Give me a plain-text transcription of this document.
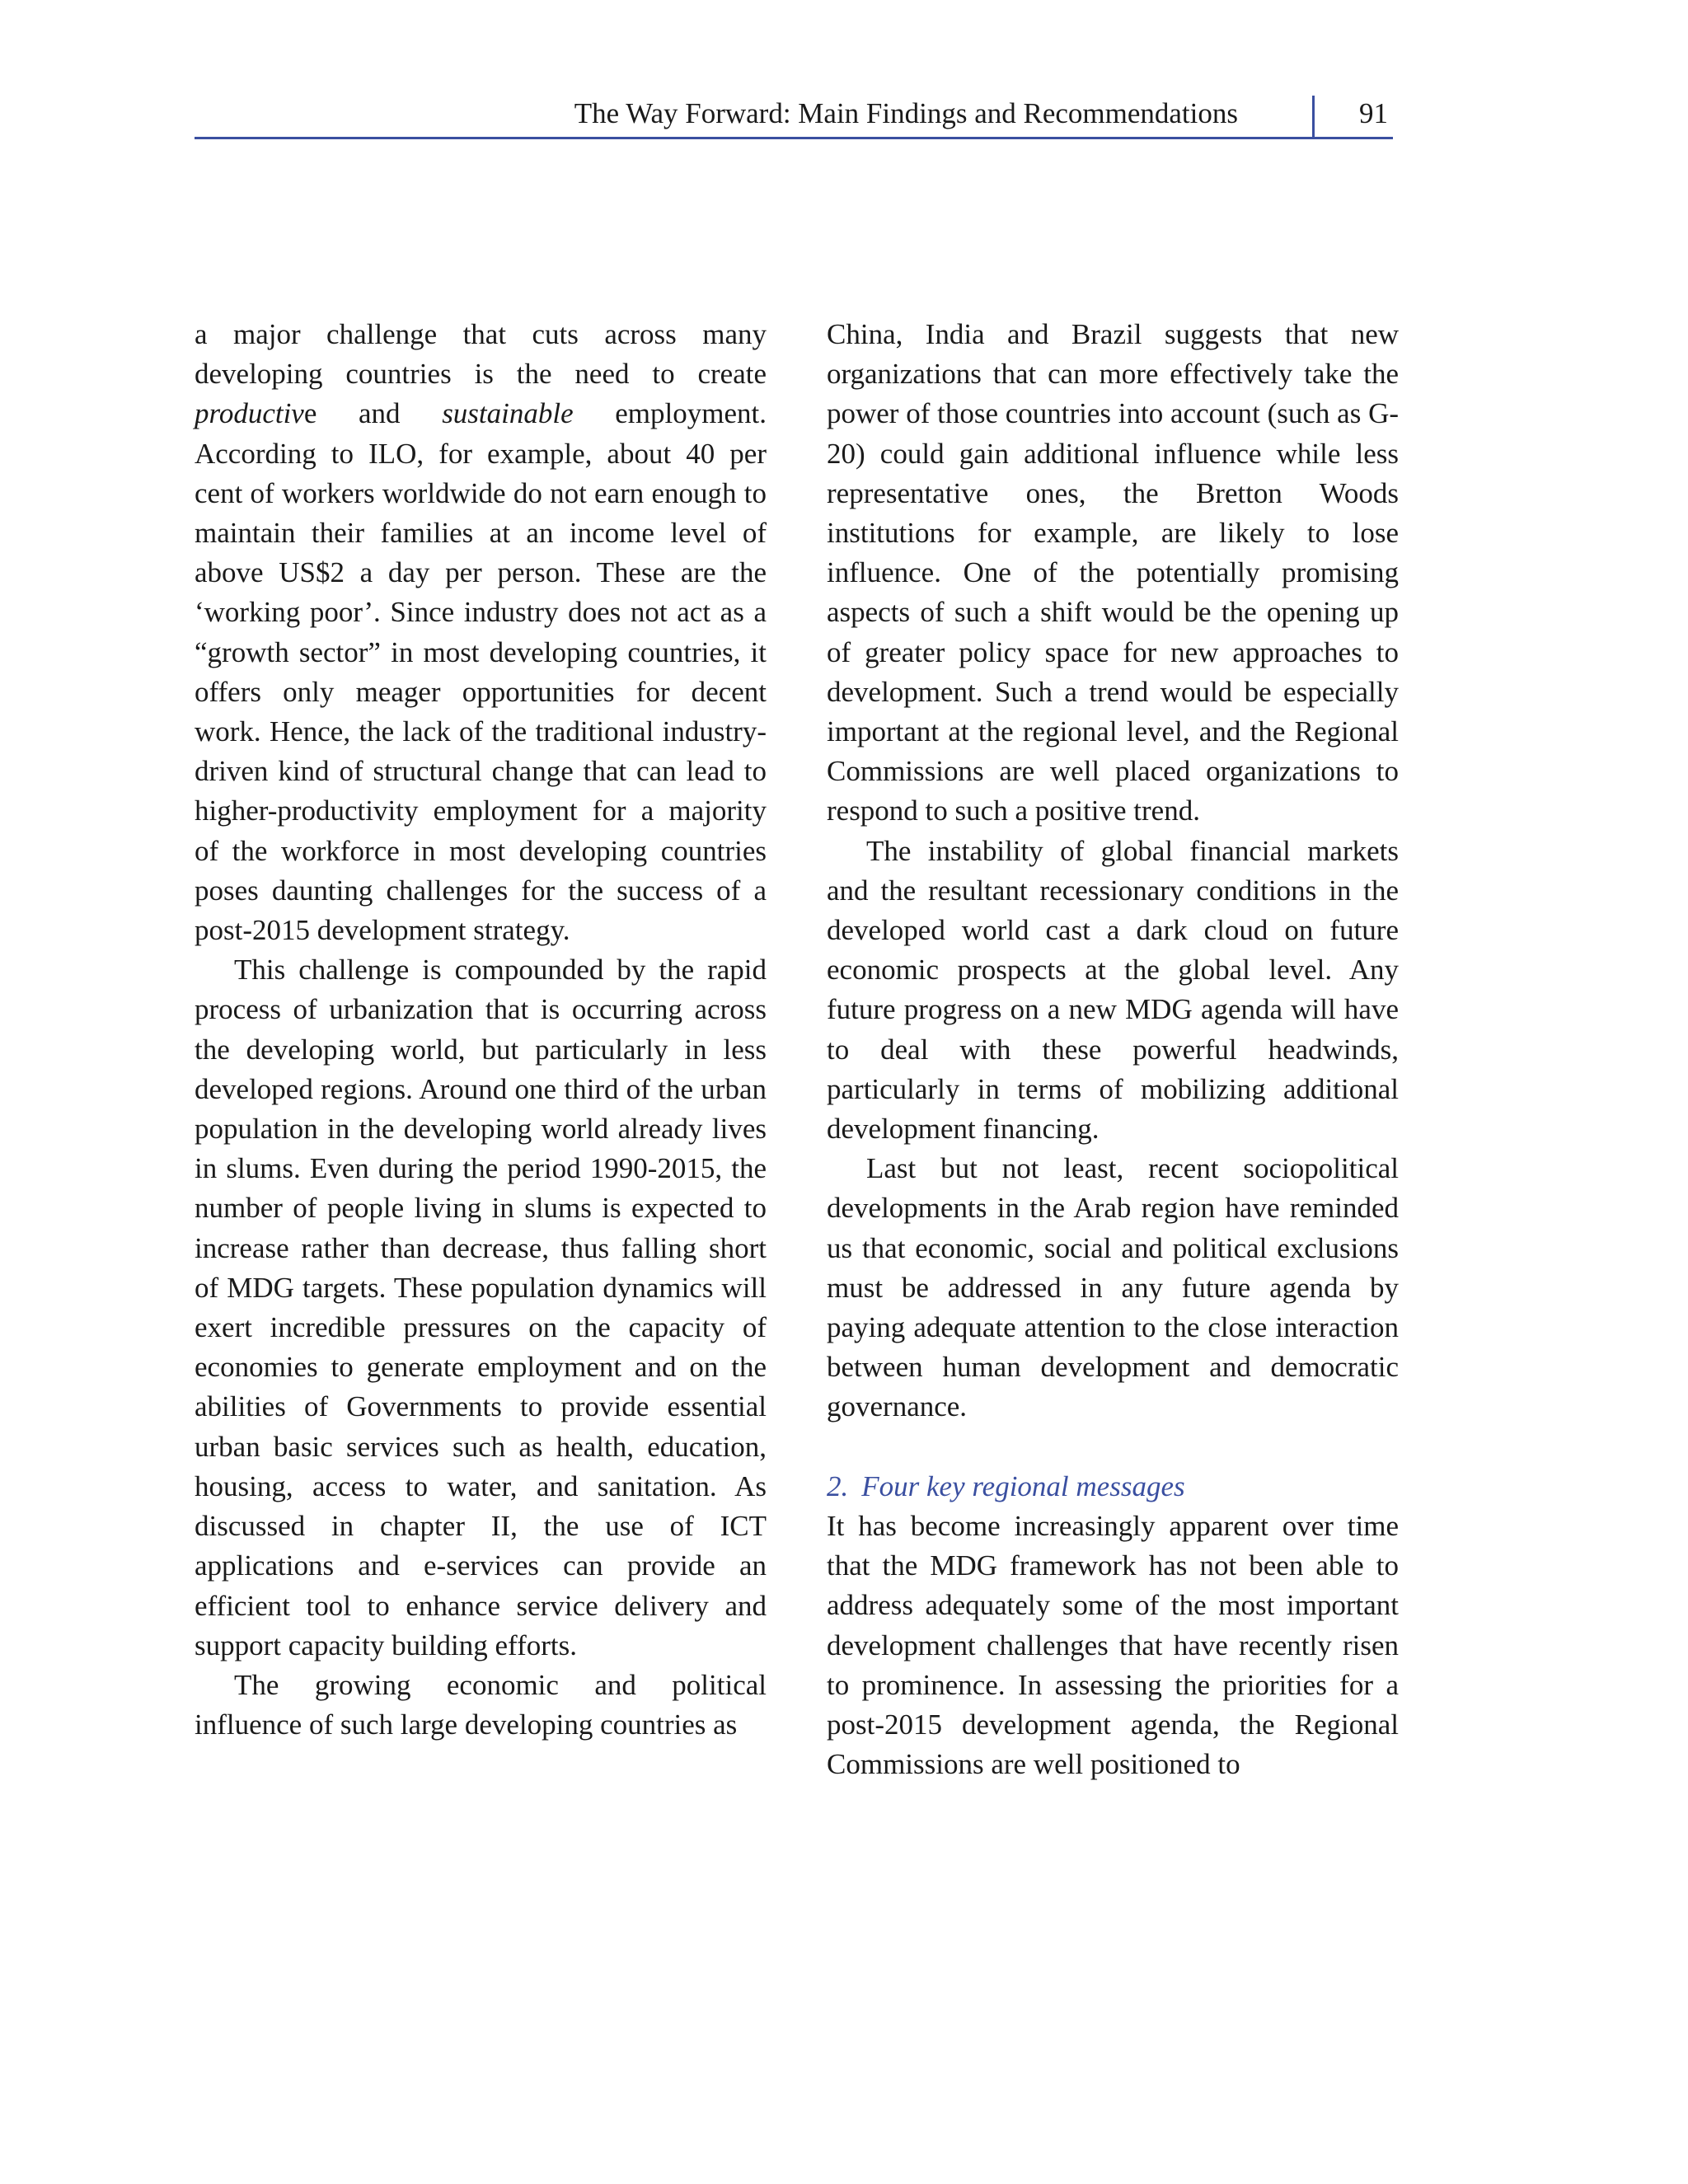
The Way Forward: Main Findings and Recommendations	91

a major challenge that cuts across many developing countries is the need to create productive and sustainable employment. According to ILO, for example, about 40 per cent of workers worldwide do not earn enough to maintain their families at an income level of above US$2 a day per person. These are the ‘working poor’. Since industry does not act as a “growth sector” in most developing countries, it offers only meager opportunities for decent work. Hence, the lack of the traditional industry-driven kind of structural change that can lead to higher-productivity employment for a majority of the workforce in most developing countries poses daunting challenges for the success of a post-2015 development strategy.

This challenge is compounded by the rapid process of urbanization that is occurring across the developing world, but particularly in less developed regions. Around one third of the urban population in the developing world already lives in slums. Even during the period 1990-2015, the number of people living in slums is expected to increase rather than decrease, thus falling short of MDG targets. These population dynamics will exert incredible pressures on the capacity of economies to generate employment and on the abilities of Governments to provide essential urban basic services such as health, education, housing, access to water, and sanitation. As discussed in chapter II, the use of ICT applications and e-services can provide an efficient tool to enhance service delivery and support capacity building efforts.

The growing economic and political influence of such large developing countries as

China, India and Brazil suggests that new organizations that can more effectively take the power of those countries into account (such as G-20) could gain additional influence while less representative ones, the Bretton Woods institutions for example, are likely to lose influence. One of the potentially promising aspects of such a shift would be the opening up of greater policy space for new approaches to development. Such a trend would be especially important at the regional level, and the Regional Commissions are well placed organizations to respond to such a positive trend.

The instability of global financial markets and the resultant recessionary conditions in the developed world cast a dark cloud on future economic prospects at the global level. Any future progress on a new MDG agenda will have to deal with these powerful headwinds, particularly in terms of mobilizing additional development financing.

Last but not least, recent sociopolitical developments in the Arab region have reminded us that economic, social and political exclusions must be addressed in any future agenda by paying adequate attention to the close interaction between human development and democratic governance.

2. Four key regional messages

It has become increasingly apparent over time that the MDG framework has not been able to address adequately some of the most important development challenges that have recently risen to prominence. In assessing the priorities for a post-2015 development agenda, the Regional Commissions are well positioned to
